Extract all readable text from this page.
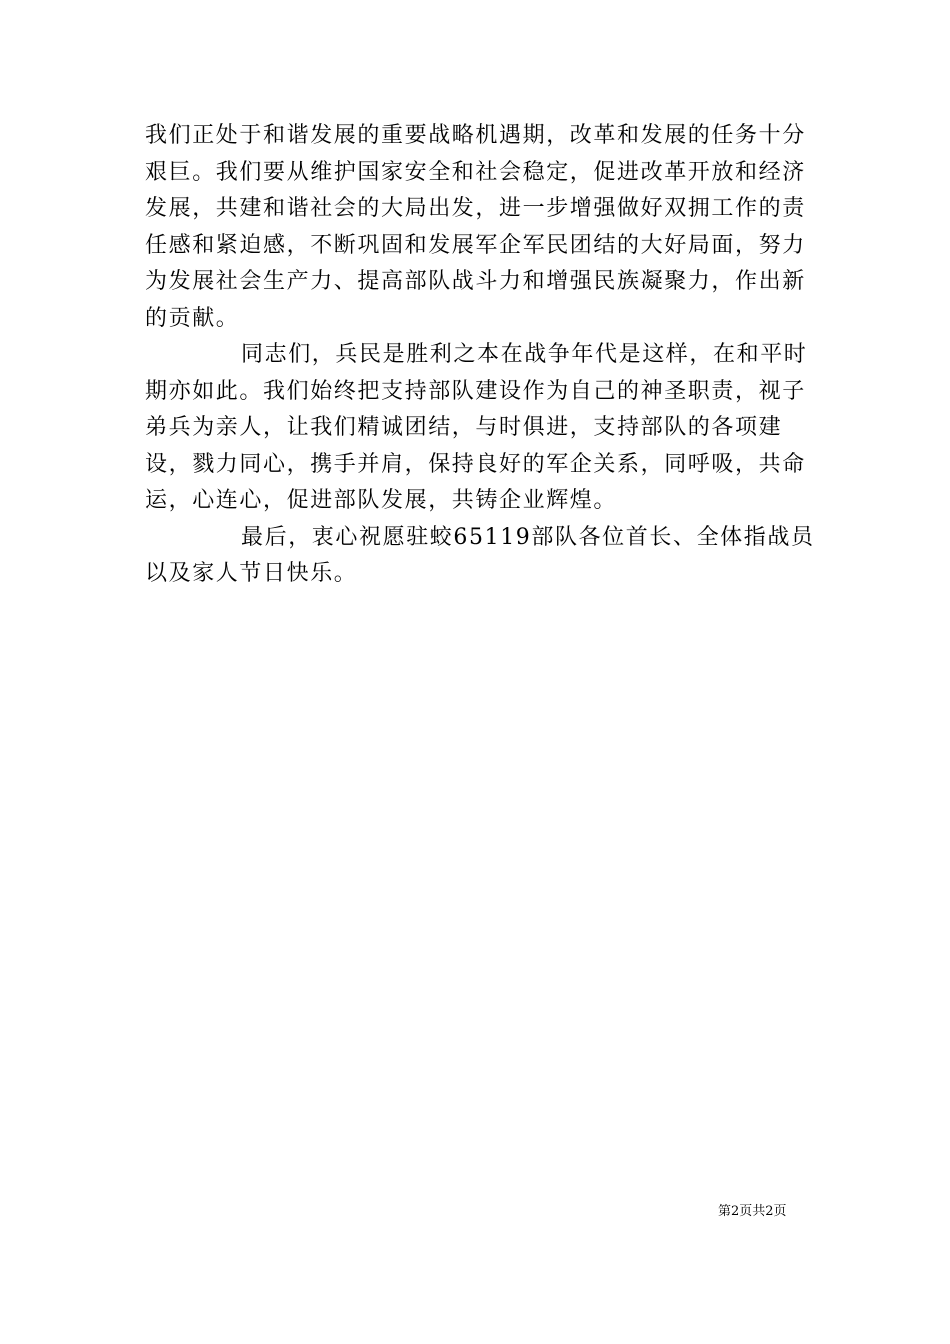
我们正处于和谐发展的重要战略机遇期，改革和发展的任务十分艰巨。我们要从维护国家安全和社会稳定，促进改革开放和经济发展，共建和谐社会的大局出发，进一步增强做好双拥工作的责任感和紧迫感，不断巩固和发展军企军民团结的大好局面，努力为发展社会生产力、提高部队战斗力和增强民族凝聚力，作出新的贡献。

同志们，兵民是胜利之本在战争年代是这样，在和平时期亦如此。我们始终把支持部队建设作为自己的神圣职责，视子弟兵为亲人，让我们精诚团结，与时俱进，支持部队的各项建设，戮力同心，携手并肩，保持良好的军企关系，同呼吸，共命运，心连心，促进部队发展，共铸企业辉煌。

最后，衷心祝愿驻蛟65119部队各位首长、全体指战员以及家人节日快乐。

第2页共2页
